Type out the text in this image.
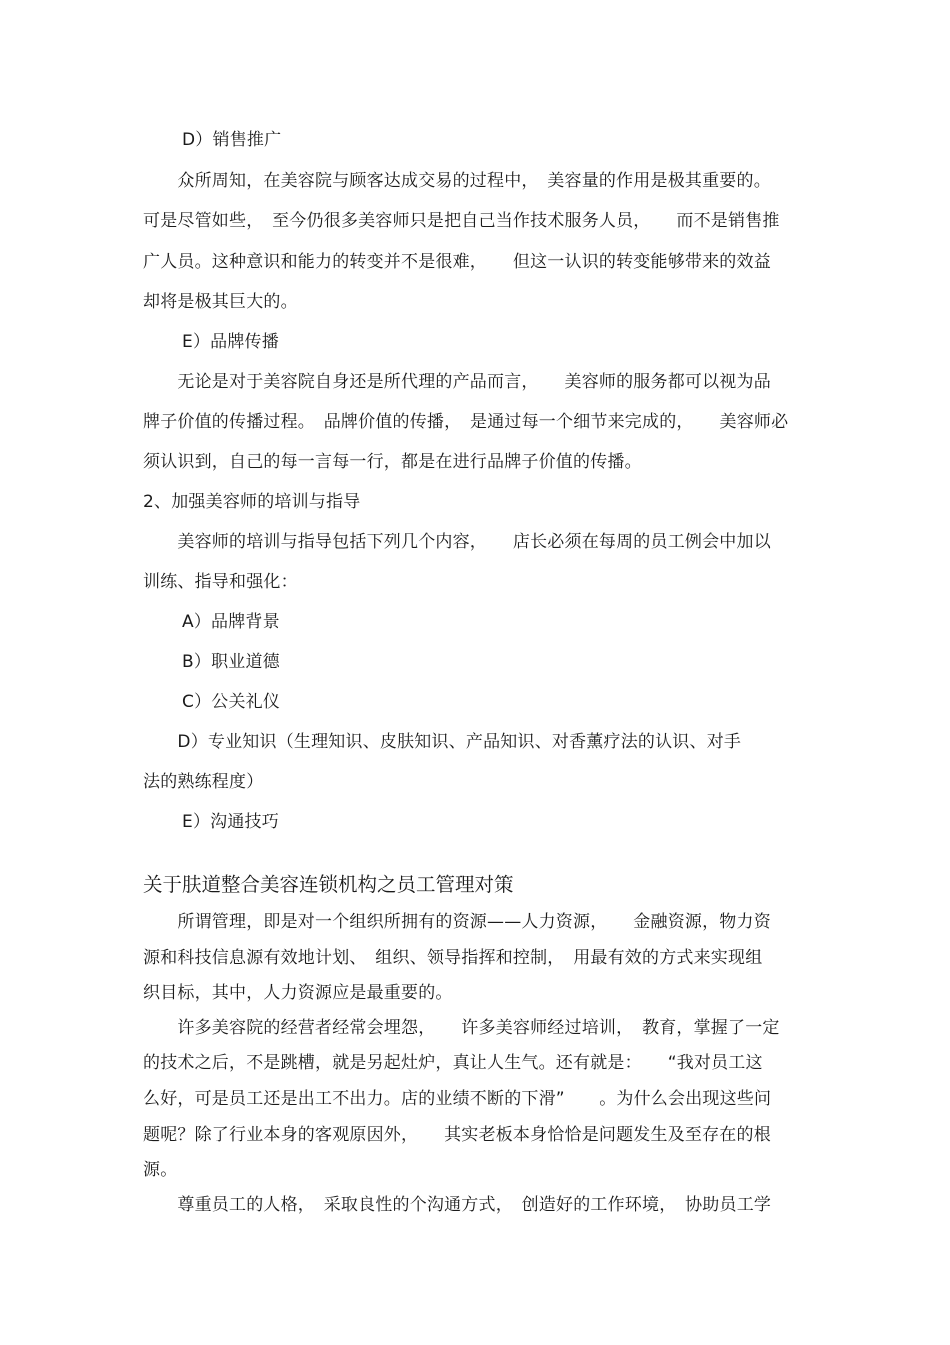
D）销售推广
　　众所周知，在美容院与顾客达成交易的过程中，　美容量的作用是极其重要的。
可是尽管如些，　至今仍很多美容师只是把自己当作技术服务人员，　　而不是销售推
广人员。这种意识和能力的转变并不是很难，　　但这一认识的转变能够带来的效益
却将是极其巨大的。
E）品牌传播
　　无论是对于美容院自身还是所代理的产品而言，　　美容师的服务都可以视为品
牌子价值的传播过程。　品牌价值的传播，　是通过每一个细节来完成的，　　美容师必
须认识到，自己的每一言每一行，都是在进行品牌子价值的传播。
2、加强美容师的培训与指导
　　美容师的培训与指导包括下列几个内容，　　店长必须在每周的员工例会中加以
训练、指导和强化：
A）品牌背景
B）职业道德
C）公关礼仪
　　D）专业知识（生理知识、皮肤知识、产品知识、对香薰疗法的认识、对手
法的熟练程度）
E）沟通技巧
关于肤道整合美容连锁机构之员工管理对策
　　所谓管理，即是对一个组织所拥有的资源——人力资源，　　金融资源，物力资
源和科技信息源有效地计划、　组织、领导指挥和控制，　用最有效的方式来实现组
织目标，其中，人力资源应是最重要的。
　　许多美容院的经营者经常会埋怨，　　许多美容师经过培训，　教育，掌握了一定
的技术之后，不是跳槽，就是另起灶炉，真让人生气。还有就是：　　“我对员工这
么好，可是员工还是出工不出力。店的业绩不断的下滑”　　。为什么会出现这些问
题呢？除了行业本身的客观原因外，　　其实老板本身恰恰是问题发生及至存在的根
源。
　　尊重员工的人格，　采取良性的个沟通方式，　创造好的工作环境，　协助员工学
